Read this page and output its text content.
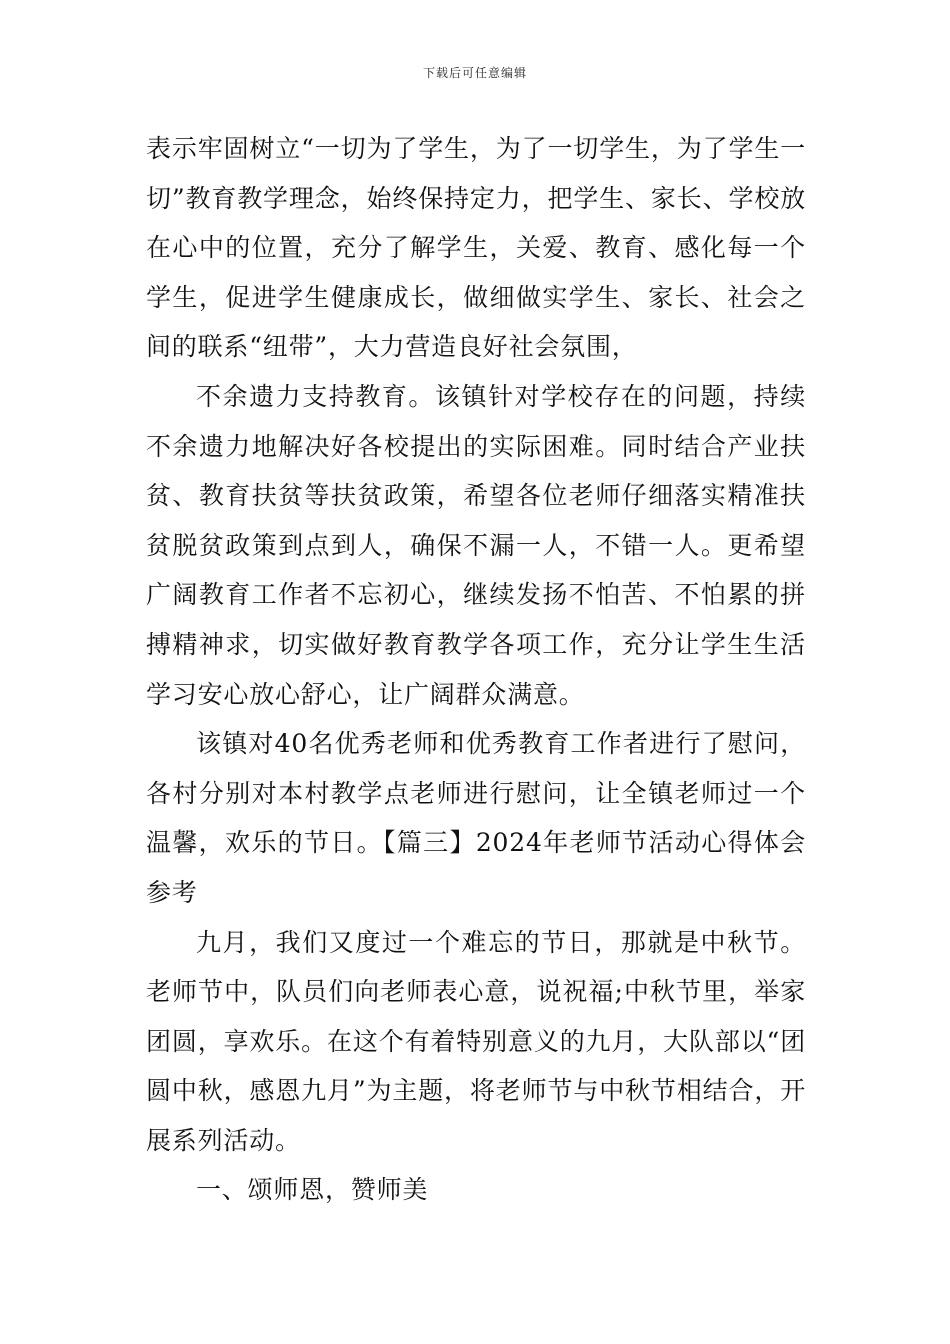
下载后可任意编辑

表示牢固树立“一切为了学生，为了一切学生，为了学生一切”教育教学理念，始终保持定力，把学生、家长、学校放在心中的位置，充分了解学生，关爱、教育、感化每一个学生，促进学生健康成长，做细做实学生、家长、社会之间的联系“纽带”，大力营造良好社会氛围，

不余遗力支持教育。该镇针对学校存在的问题，持续不余遗力地解决好各校提出的实际困难。同时结合产业扶贫、教育扶贫等扶贫政策，希望各位老师仔细落实精准扶贫脱贫政策到点到人，确保不漏一人，不错一人。更希望广阔教育工作者不忘初心，继续发扬不怕苦、不怕累的拼搏精神求，切实做好教育教学各项工作，充分让学生生活学习安心放心舒心，让广阔群众满意。

该镇对40名优秀老师和优秀教育工作者进行了慰问，各村分别对本村教学点老师进行慰问，让全镇老师过一个温馨，欢乐的节日。【篇三】2024年老师节活动心得体会参考

九月，我们又度过一个难忘的节日，那就是中秋节。老师节中，队员们向老师表心意，说祝福;中秋节里，举家团圆，享欢乐。在这个有着特别意义的九月，大队部以“团圆中秋，感恩九月”为主题，将老师节与中秋节相结合，开展系列活动。

一、颂师恩，赞师美
